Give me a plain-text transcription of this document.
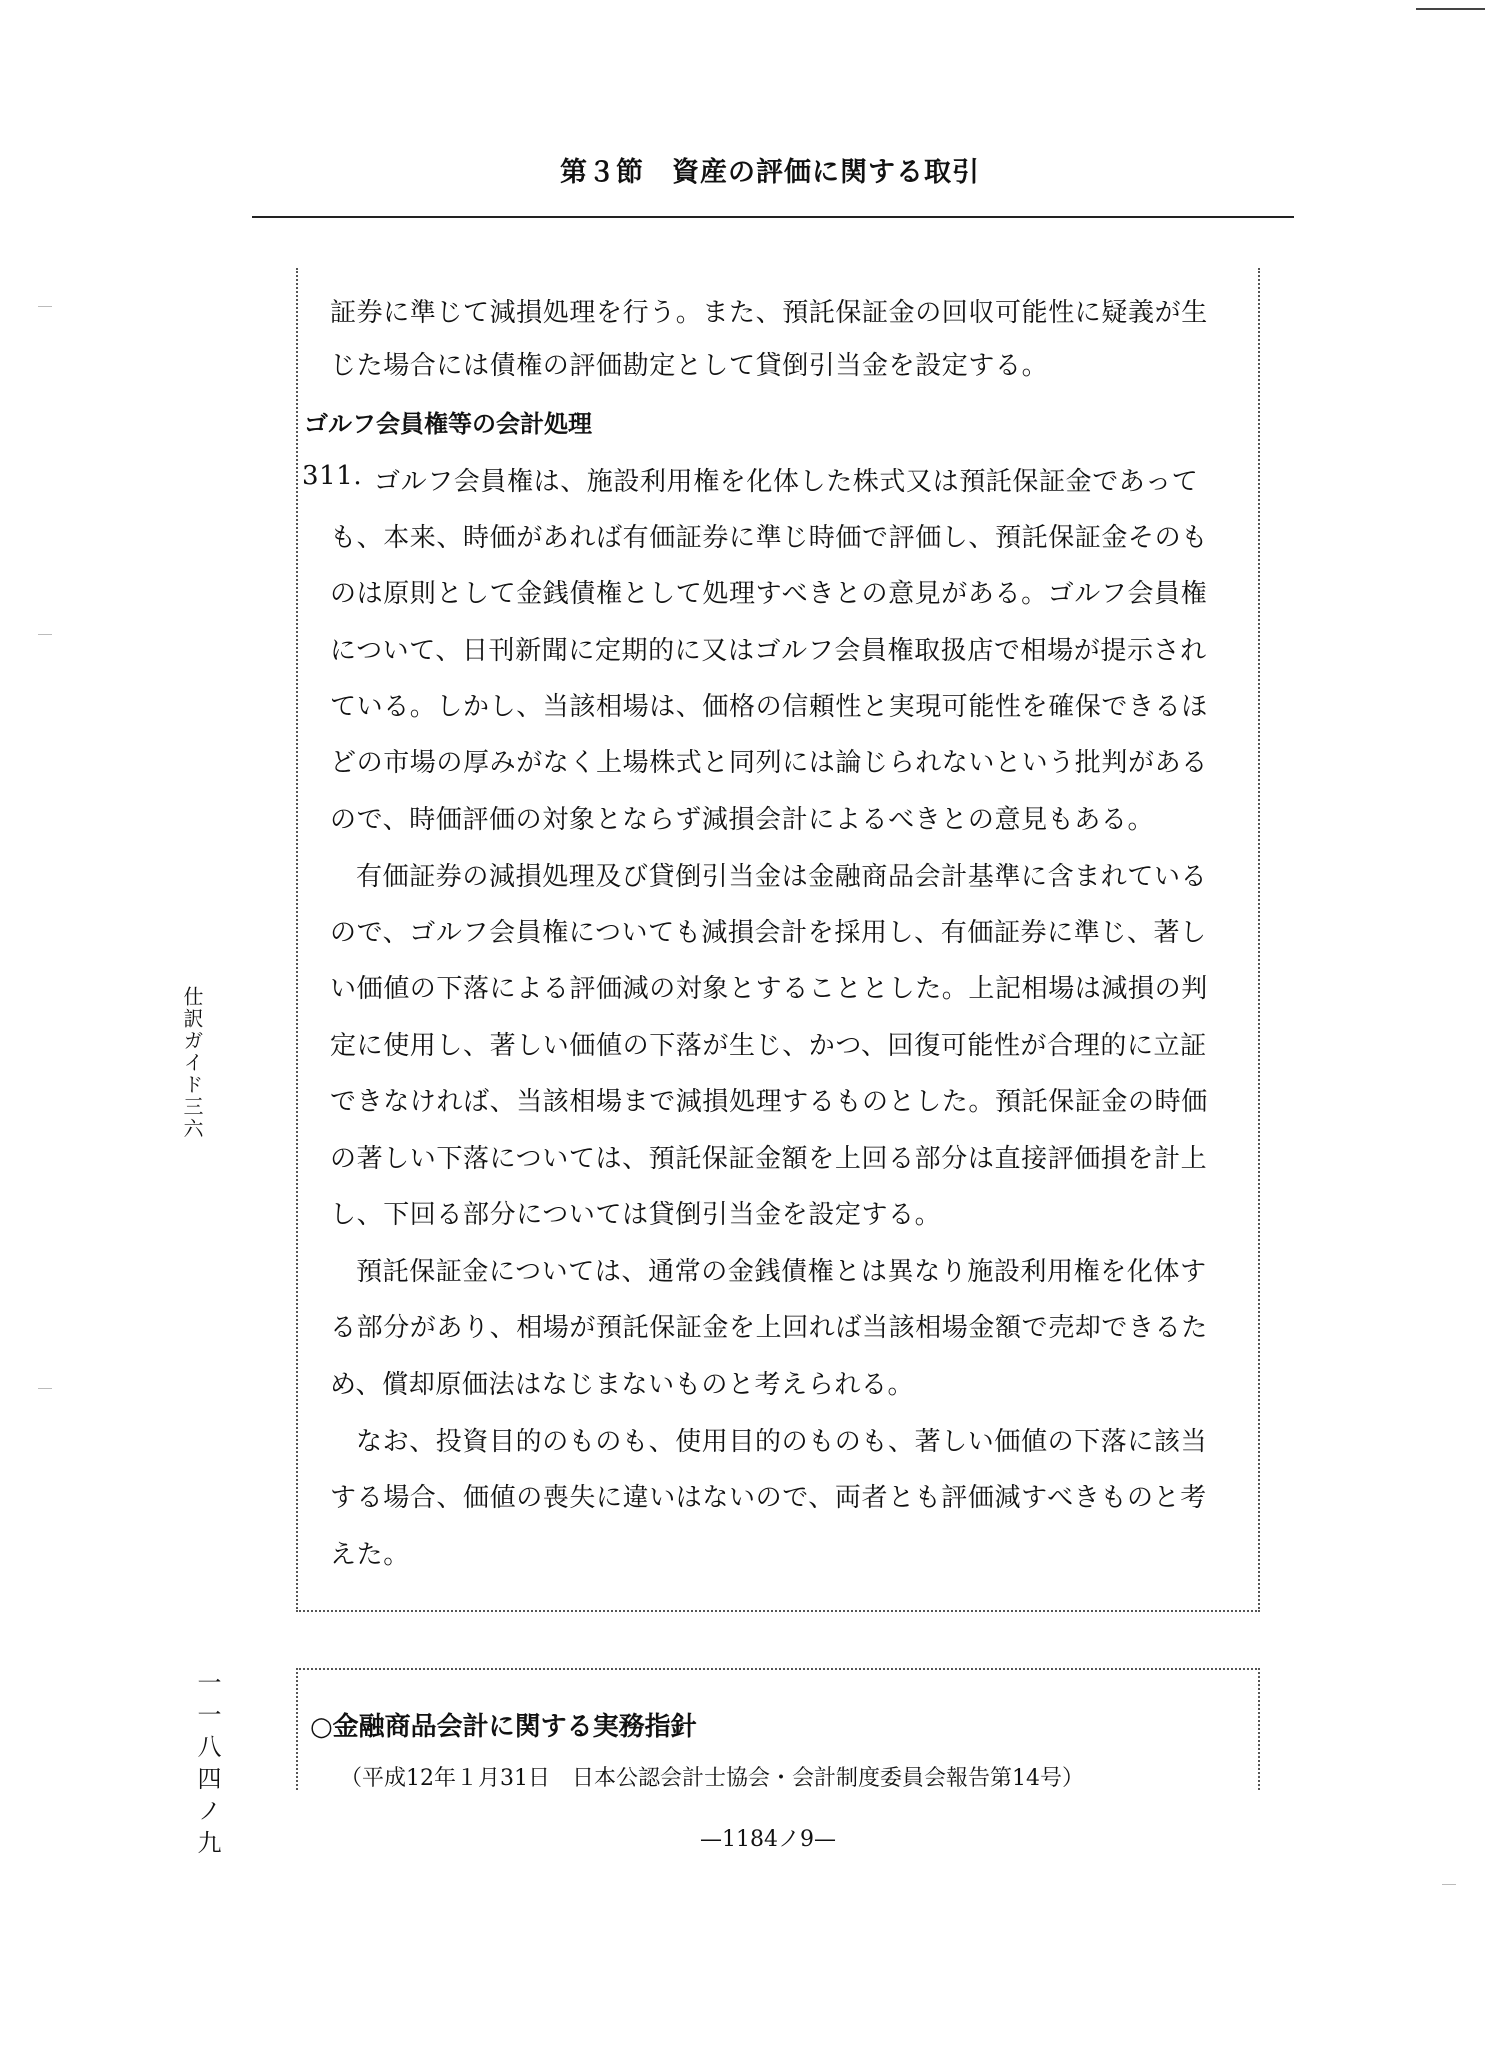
第３節　資産の評価に関する取引
証券に準じて減損処理を行う。また、預託保証金の回収可能性に疑義が生
じた場合には債権の評価勘定として貸倒引当金を設定する。
ゴルフ会員権等の会計処理
311. ゴルフ会員権は、施設利用権を化体した株式又は預託保証金であって
も、本来、時価があれば有価証券に準じ時価で評価し、預託保証金そのも
のは原則として金銭債権として処理すべきとの意見がある。ゴルフ会員権
について、日刊新聞に定期的に又はゴルフ会員権取扱店で相場が提示され
ている。しかし、当該相場は、価格の信頼性と実現可能性を確保できるほ
どの市場の厚みがなく上場株式と同列には論じられないという批判がある
ので、時価評価の対象とならず減損会計によるべきとの意見もある。
有価証券の減損処理及び貸倒引当金は金融商品会計基準に含まれている
ので、ゴルフ会員権についても減損会計を採用し、有価証券に準じ、著し
い価値の下落による評価減の対象とすることとした。上記相場は減損の判
定に使用し、著しい価値の下落が生じ、かつ、回復可能性が合理的に立証
できなければ、当該相場まで減損処理するものとした。預託保証金の時価
の著しい下落については、預託保証金額を上回る部分は直接評価損を計上
し、下回る部分については貸倒引当金を設定する。
預託保証金については、通常の金銭債権とは異なり施設利用権を化体す
る部分があり、相場が預託保証金を上回れば当該相場金額で売却できるた
め、償却原価法はなじまないものと考えられる。
なお、投資目的のものも、使用目的のものも、著しい価値の下落に該当
する場合、価値の喪失に違いはないので、両者とも評価減すべきものと考
えた。
○金融商品会計に関する実務指針
（平成12年１月31日　日本公認会計士協会・会計制度委員会報告第14号）
仕訳ガイド三六
一一八四ノ九	—1184ノ9—
